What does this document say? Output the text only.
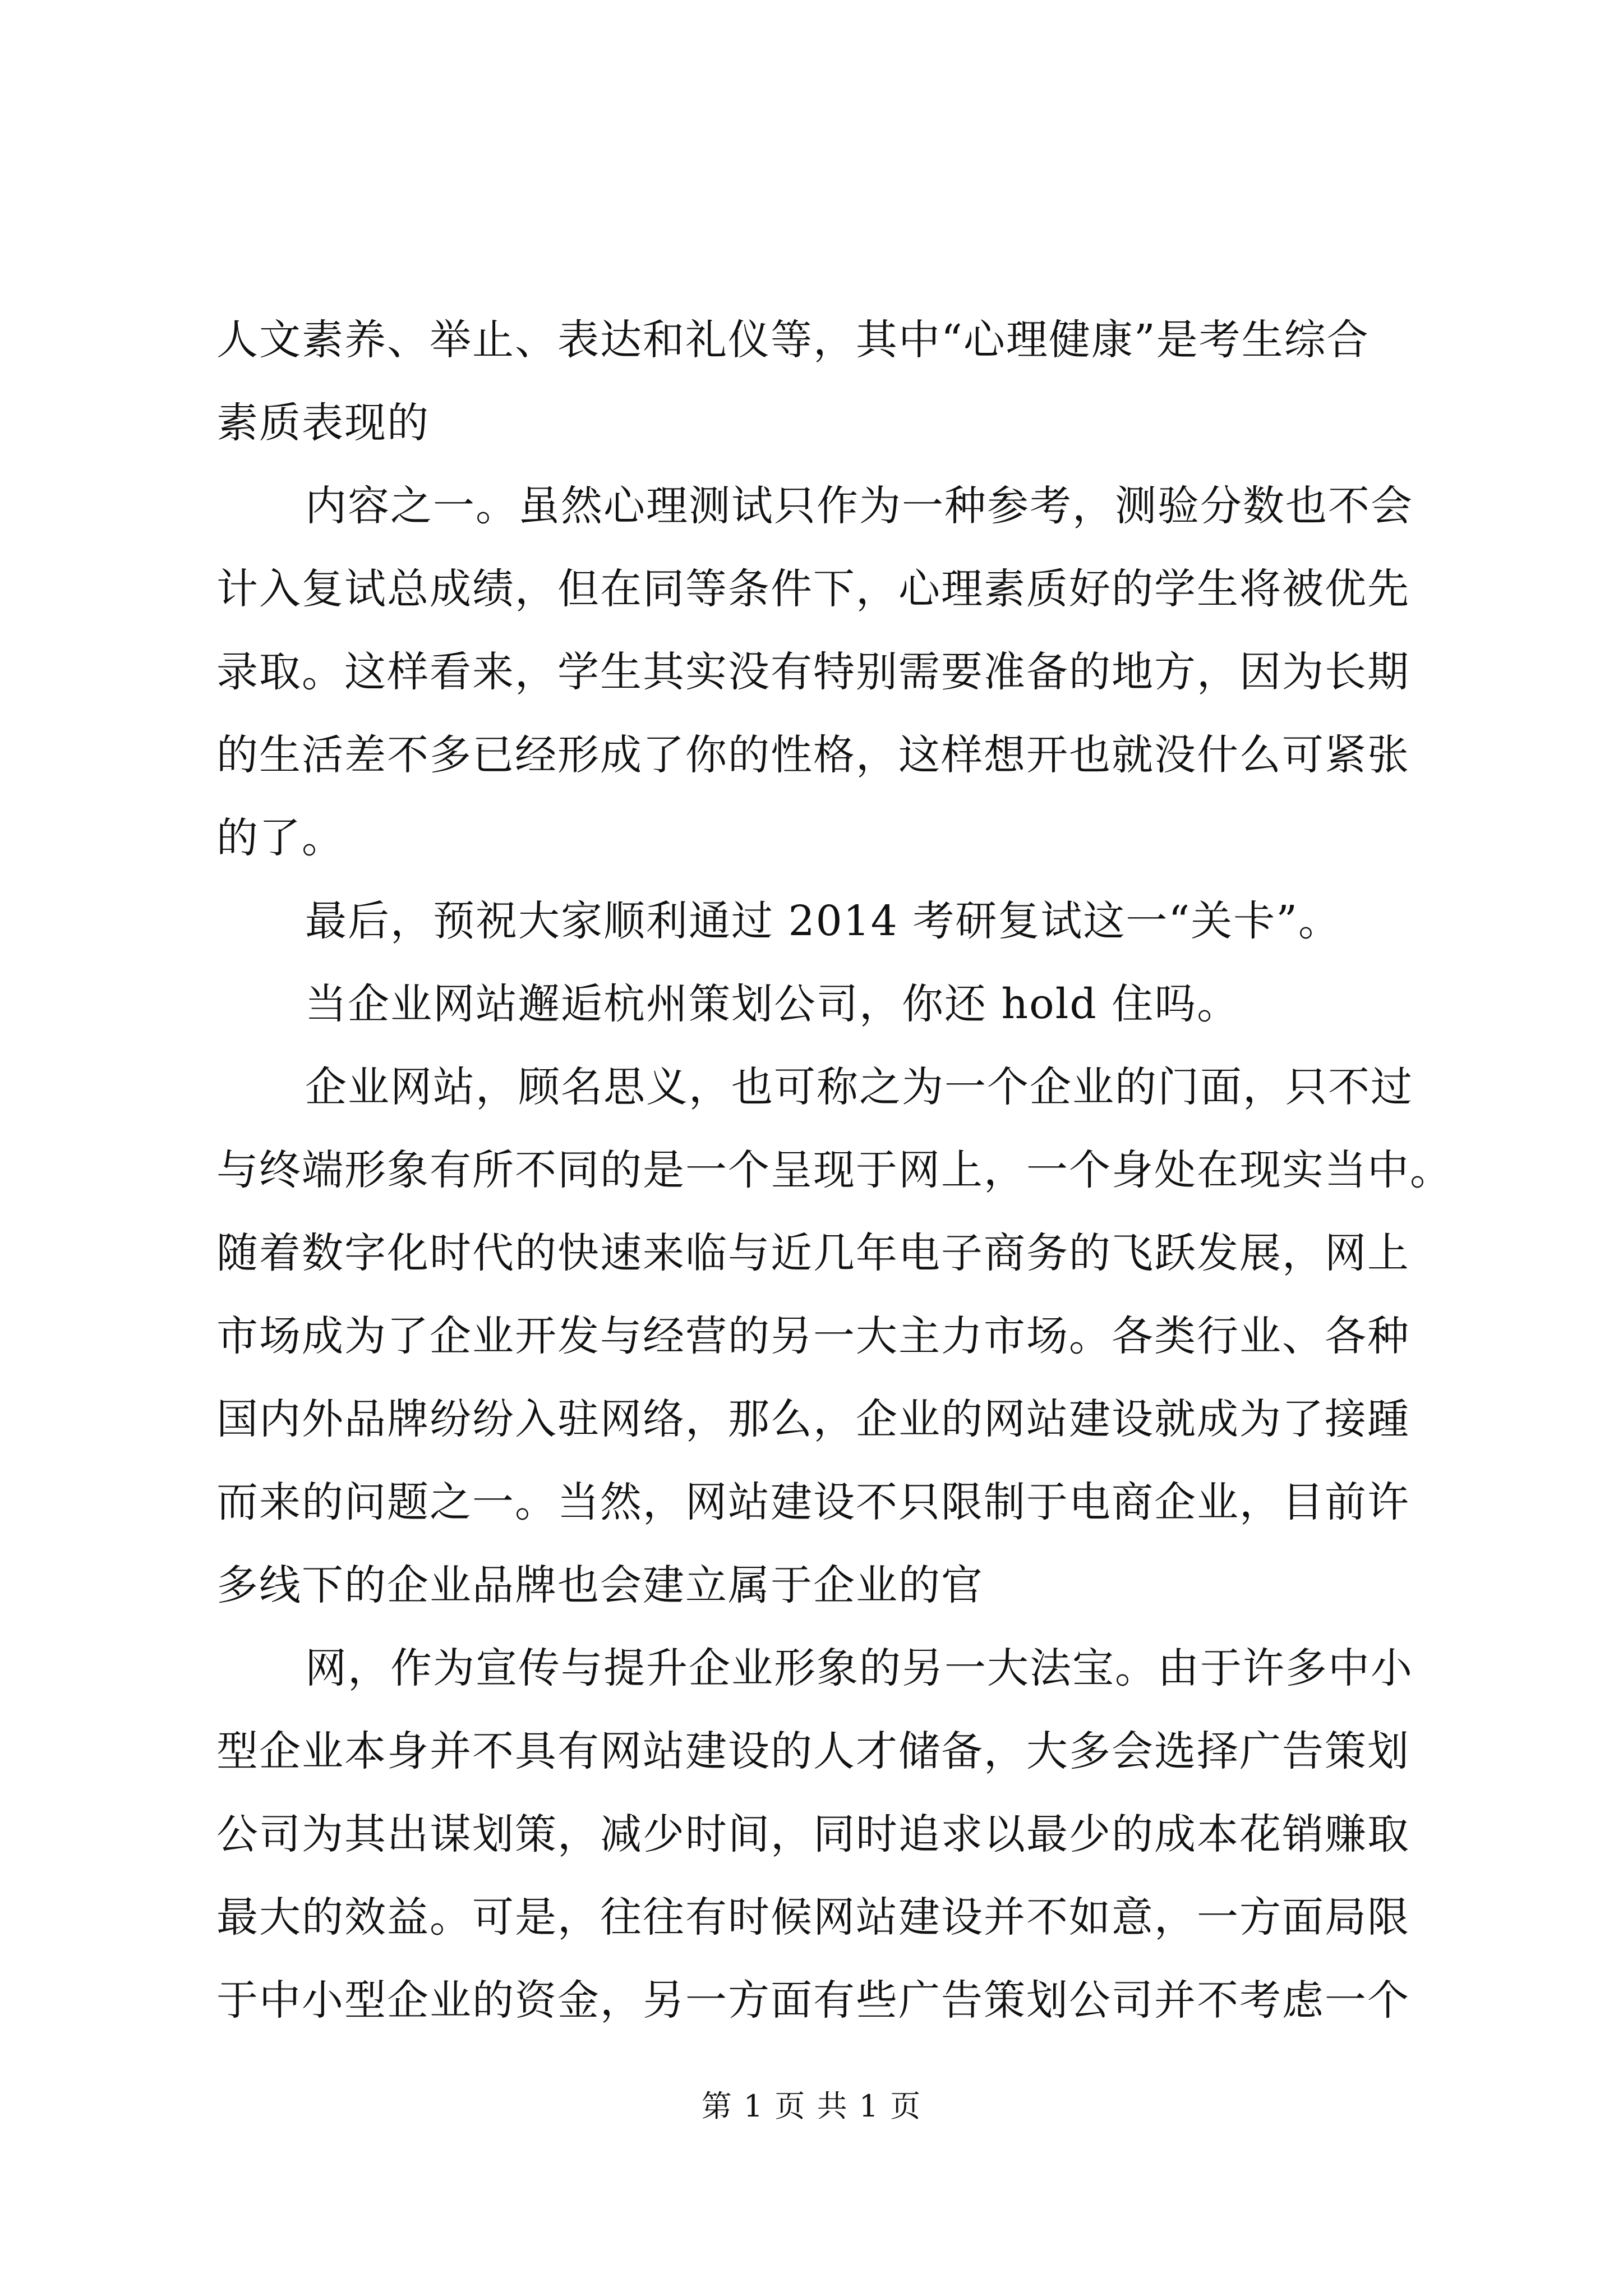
人文素养、举止、表达和礼仪等，其中“心理健康”是考生综合
素质表现的
内容之一。虽然心理测试只作为一种参考，测验分数也不会
计入复试总成绩，但在同等条件下，心理素质好的学生将被优先
录取。这样看来，学生其实没有特别需要准备的地方，因为长期
的生活差不多已经形成了你的性格，这样想开也就没什么可紧张
的了。
最后，预祝大家顺利通过 2014 考研复试这一“关卡”。
当企业网站邂逅杭州策划公司，你还 hold 住吗。
企业网站，顾名思义，也可称之为一个企业的门面，只不过
与终端形象有所不同的是一个呈现于网上，一个身处在现实当中。
随着数字化时代的快速来临与近几年电子商务的飞跃发展，网上
市场成为了企业开发与经营的另一大主力市场。各类行业、各种
国内外品牌纷纷入驻网络，那么，企业的网站建设就成为了接踵
而来的问题之一。当然，网站建设不只限制于电商企业，目前许
多线下的企业品牌也会建立属于企业的官
网，作为宣传与提升企业形象的另一大法宝。由于许多中小
型企业本身并不具有网站建设的人才储备，大多会选择广告策划
公司为其出谋划策，减少时间，同时追求以最少的成本花销赚取
最大的效益。可是，往往有时候网站建设并不如意，一方面局限
于中小型企业的资金，另一方面有些广告策划公司并不考虑一个
第 1 页 共 1 页
